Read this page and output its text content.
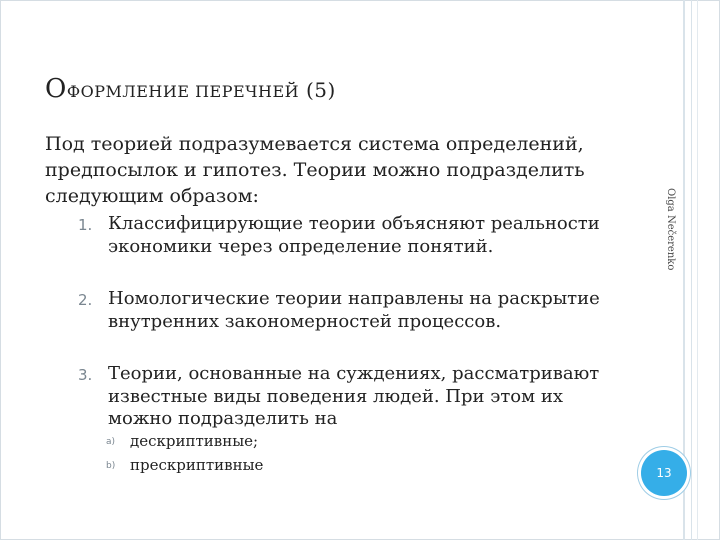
ОФОРМЛЕНИЕ ПЕРЕЧНЕЙ (5)
Под теорией подразумевается система определений, предпосылок и гипотез. Теории можно подразделить следующим образом:
1. Классифицирующие теории объясняют реальности экономики через определение понятий.
2. Номологические теории направлены на раскрытие внутренних закономерностей процессов.
3. Теории, основанные на суждениях, рассматривают известные виды поведения людей. При этом их можно подразделить на
a) дескриптивные;
b) прескриптивные
Olga Nečerenko
13
